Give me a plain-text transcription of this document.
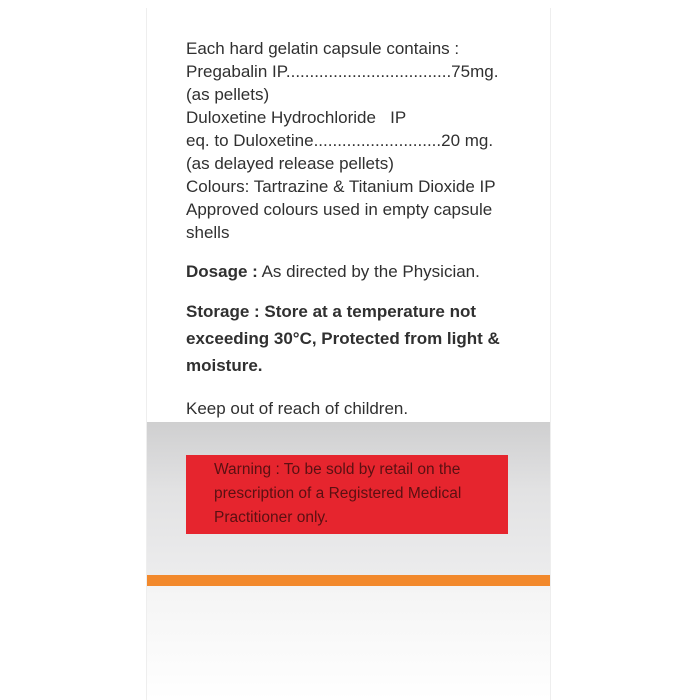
Each hard gelatin capsule contains :
Pregabalin IP...................................75mg.
(as pellets)
Duloxetine Hydrochloride   IP
eq. to Duloxetine...........................20 mg.
(as delayed release pellets)
Colours: Tartrazine & Titanium Dioxide IP
Approved colours used in empty capsule
shells
Dosage : As directed by the Physician.
Storage : Store at a temperature not
exceeding 30°C, Protected from light &
moisture.
Keep out of reach of children.
Warning : To be sold by retail on the
prescription of a Registered Medical
Practitioner only.
